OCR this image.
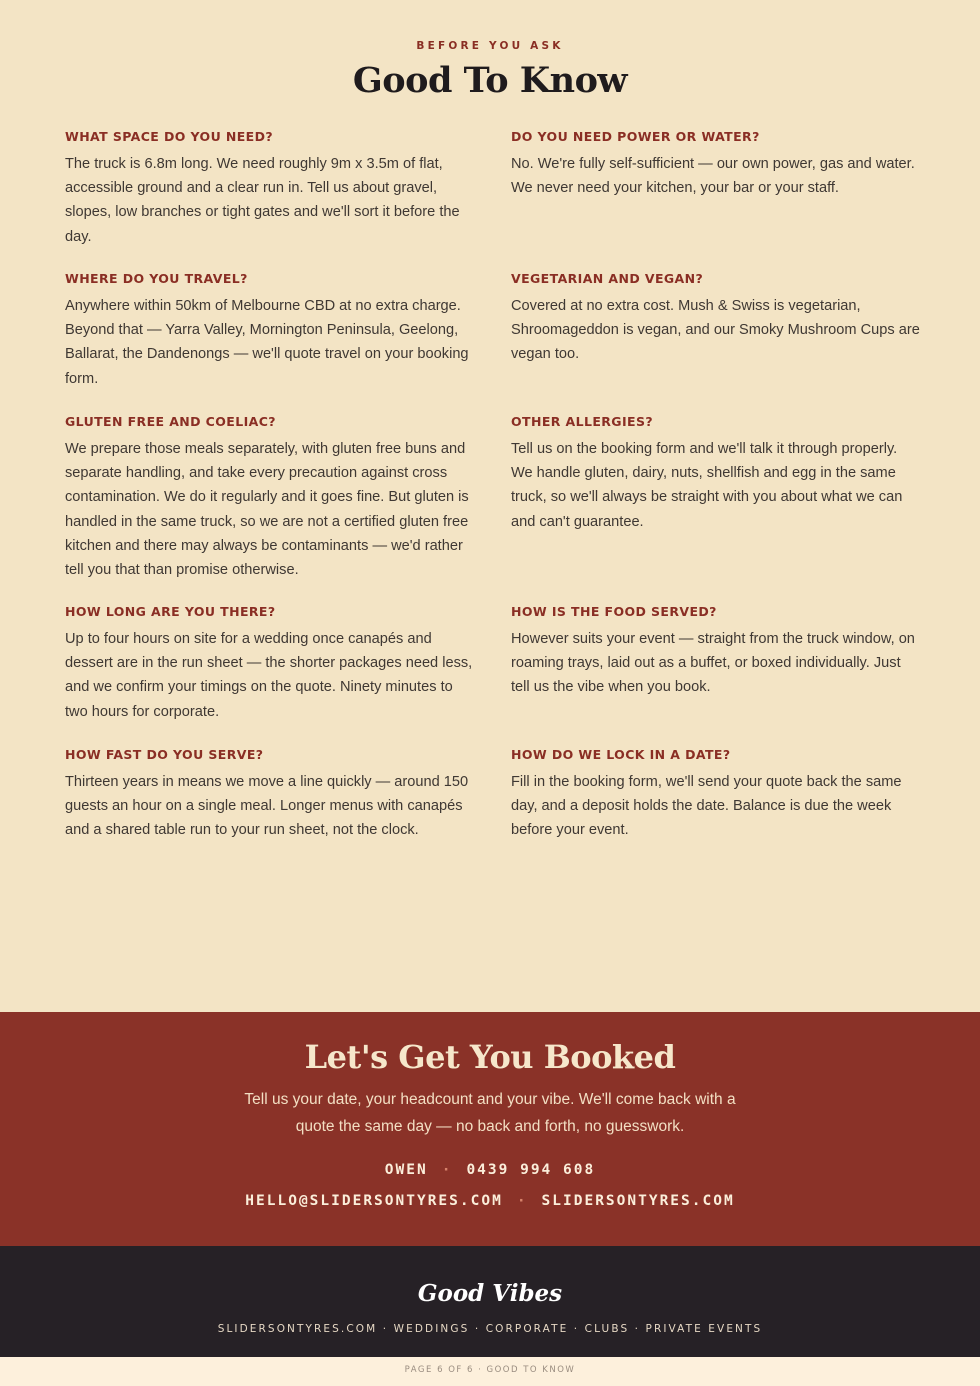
BEFORE YOU ASK
Good To Know
WHAT SPACE DO YOU NEED?

The truck is 6.8m long. We need roughly 9m x 3.5m of flat, accessible ground and a clear run in. Tell us about gravel, slopes, low branches or tight gates and we'll sort it before the day.

DO YOU NEED POWER OR WATER?

No. We're fully self-sufficient — our own power, gas and water. We never need your kitchen, your bar or your staff.

WHERE DO YOU TRAVEL?

Anywhere within 50km of Melbourne CBD at no extra charge. Beyond that — Yarra Valley, Mornington Peninsula, Geelong, Ballarat, the Dandenongs — we'll quote travel on your booking form.

VEGETARIAN AND VEGAN?

Covered at no extra cost. Mush & Swiss is vegetarian, Shroomageddon is vegan, and our Smoky Mushroom Cups are vegan too.

GLUTEN FREE AND COELIAC?

We prepare those meals separately, with gluten free buns and separate handling, and take every precaution against cross contamination. We do it regularly and it goes fine. But gluten is handled in the same truck, so we are not a certified gluten free kitchen and there may always be contaminants — we'd rather tell you that than promise otherwise.

OTHER ALLERGIES?

Tell us on the booking form and we'll talk it through properly. We handle gluten, dairy, nuts, shellfish and egg in the same truck, so we'll always be straight with you about what we can and can't guarantee.

HOW LONG ARE YOU THERE?

Up to four hours on site for a wedding once canapés and dessert are in the run sheet — the shorter packages need less, and we confirm your timings on the quote. Ninety minutes to two hours for corporate.

HOW IS THE FOOD SERVED?

However suits your event — straight from the truck window, on roaming trays, laid out as a buffet, or boxed individually. Just tell us the vibe when you book.

HOW FAST DO YOU SERVE?

Thirteen years in means we move a line quickly — around 150 guests an hour on a single meal. Longer menus with canapés and a shared table run to your run sheet, not the clock.

HOW DO WE LOCK IN A DATE?

Fill in the booking form, we'll send your quote back the same day, and a deposit holds the date. Balance is due the week before your event.

Let's Get You Booked

Tell us your date, your headcount and your vibe. We'll come back with a quote the same day — no back and forth, no guesswork.

OWEN · 0439 994 608
HELLO@SLIDERSONTYRES.COM · SLIDERSONTYRES.COM
Good Vibes
SLIDERSONTYRES.COM · WEDDINGS · CORPORATE · CLUBS · PRIVATE EVENTS
PAGE 6 OF 6 · GOOD TO KNOW
